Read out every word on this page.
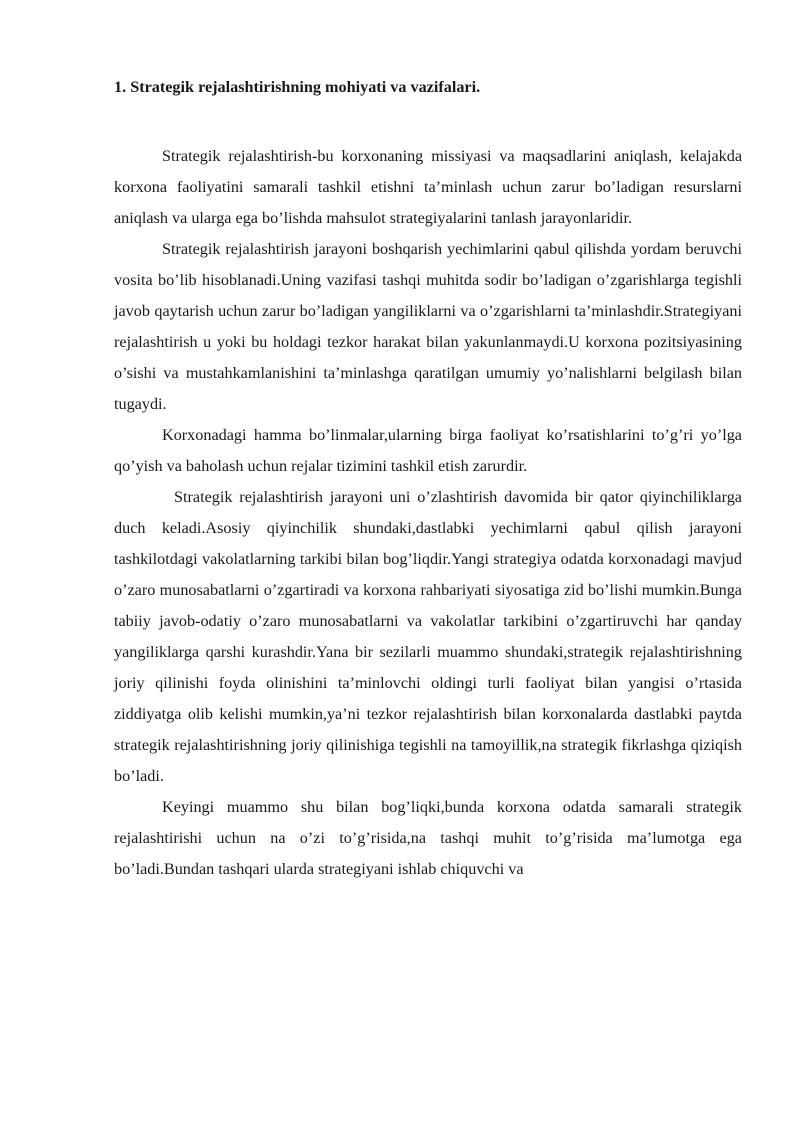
1. Strategik rejalashtirishning mohiyati va vazifalari.

Strategik rejalashtirish-bu korxonaning missiyasi va maqsadlarini aniqlash, kelajakda korxona faoliyatini samarali tashkil etishni ta’minlash uchun zarur bo’ladigan resurslarni aniqlash va ularga ega bo’lishda mahsulot strategiyalarini tanlash jarayonlaridir.

Strategik rejalashtirish jarayoni boshqarish yechimlarini qabul qilishda yordam beruvchi vosita bo’lib hisoblanadi.Uning vazifasi tashqi muhitda sodir bo’ladigan o’zgarishlarga tegishli javob qaytarish uchun zarur bo’ladigan yangiliklarni va o’zgarishlarni ta’minlashdir.Strategiyani rejalashtirish u yoki bu holdagi tezkor harakat bilan yakunlanmaydi.U korxona pozitsiyasining o’sishi va mustahkamlanishini ta’minlashga qaratilgan umumiy yo’nalishlarni belgilash bilan tugaydi.

Korxonadagi hamma bo’linmalar,ularning birga faoliyat ko’rsatishlarini to’g’ri yo’lga qo’yish va baholash uchun rejalar tizimini tashkil etish zarurdir.

Strategik rejalashtirish jarayoni uni o’zlashtirish davomida bir qator qiyinchiliklarga duch keladi.Asosiy qiyinchilik shundaki,dastlabki yechimlarni qabul qilish jarayoni tashkilotdagi vakolatlarning tarkibi bilan bog’liqdir.Yangi strategiya odatda korxonadagi mavjud o’zaro munosabatlarni o’zgartiradi va korxona rahbariyati siyosatiga zid bo’lishi mumkin.Bunga tabiiy javob-odatiy o’zaro munosabatlarni va vakolatlar tarkibini o’zgartiruvchi har qanday yangiliklarga qarshi kurashdir.Yana bir sezilarli muammo shundaki,strategik rejalashtirishning joriy qilinishi foyda olinishini ta’minlovchi oldingi turli faoliyat bilan yangisi o’rtasida ziddiyatga olib kelishi mumkin,ya’ni tezkor rejalashtirish bilan korxonalarda dastlabki paytda strategik rejalashtirishning joriy qilinishiga tegishli na tamoyillik,na strategik fikrlashga qiziqish bo’ladi.

Keyingi muammo shu bilan bog’liqki,bunda korxona odatda samarali strategik rejalashtirishi uchun na o’zi to’g’risida,na tashqi muhit to’g’risida ma’lumotga ega bo’ladi.Bundan tashqari ularda strategiyani ishlab chiquvchi va
